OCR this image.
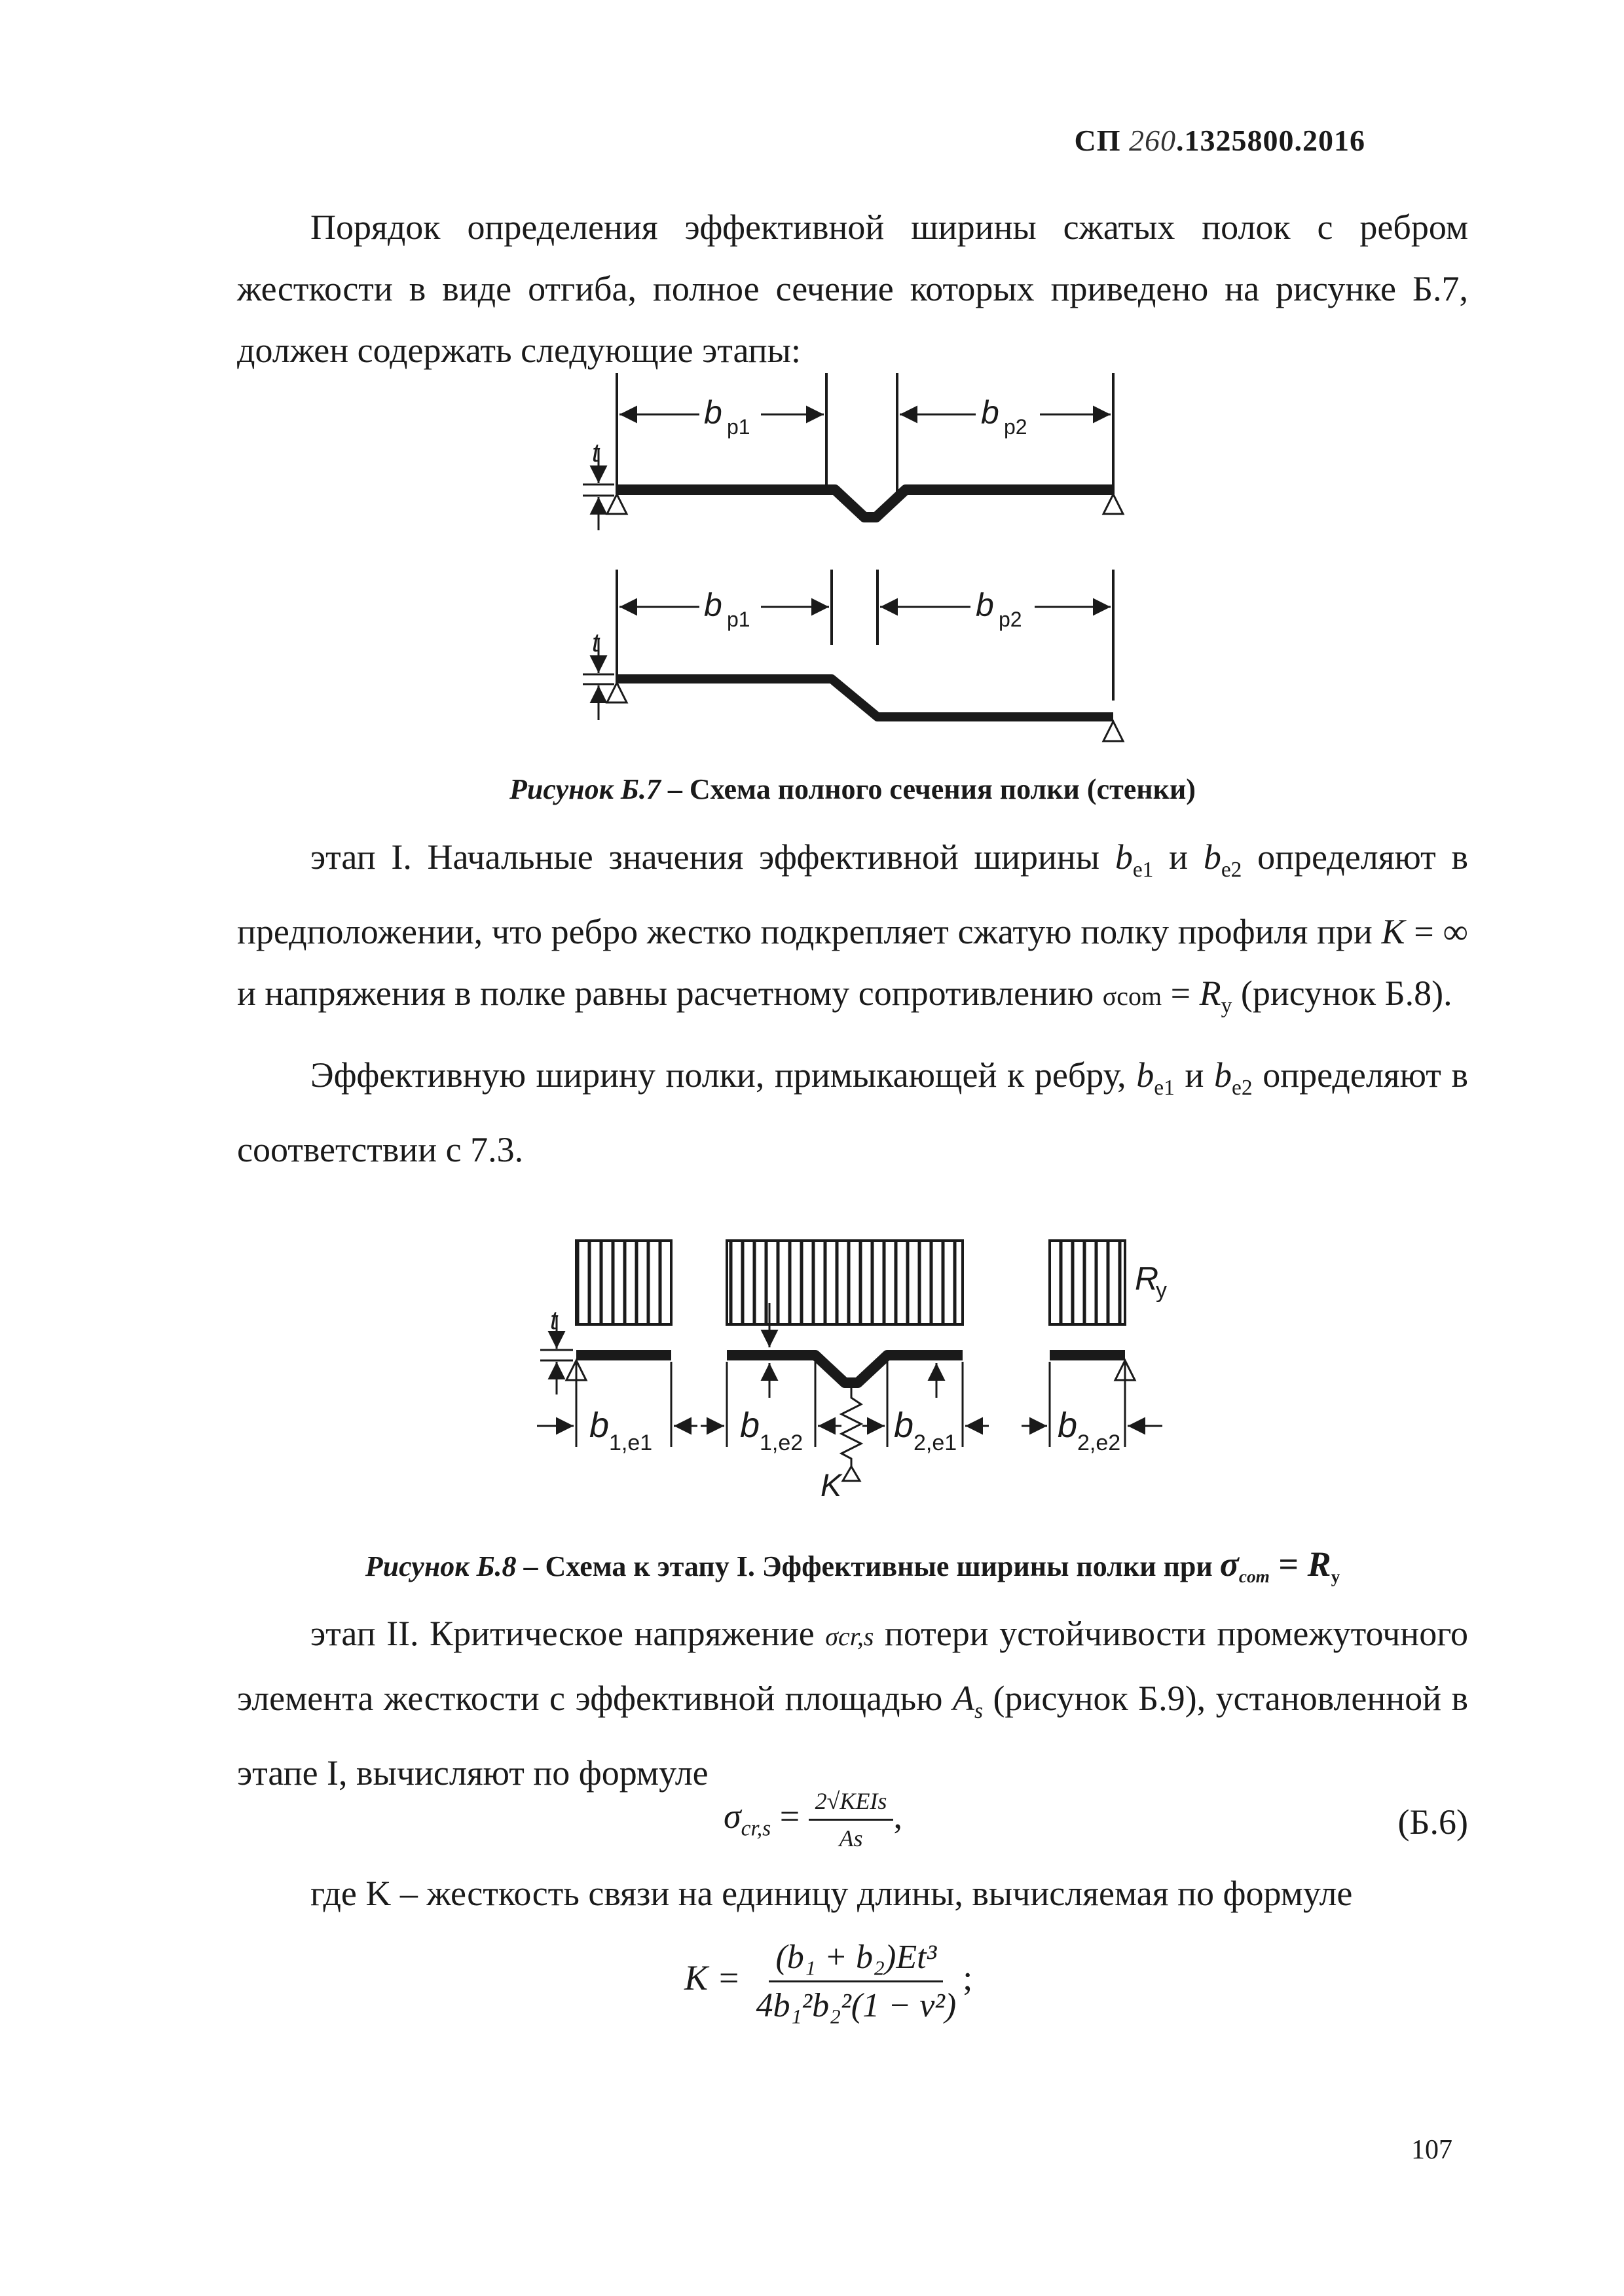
СП 260.1325800.2016
Порядок определения эффективной ширины сжатых полок с ребром жесткости в виде отгиба, полное сечение которых приведено на рисунке Б.7, должен содержать следующие этапы:
b p1	b p2
t
b p1	b p2
t
Рисунок Б.7 – Схема полного сечения полки (стенки)
этап I. Начальные значения эффективной ширины $b_{e1}$ и $b_{e2}$ определяют в предположении, что ребро жестко подкрепляет сжатую полку профиля при K = ∞ и напряжения в полке равны расчетному сопротивлению $\sigma com = R_y$ (рисунок Б.8).
Эффективную ширину полки, примыкающей к ребру, $b_{e1}$ и $b_{e2}$ определяют в соответствии с 7.3.
R
y
K
b 1,e1 b 1,e2	b 2,e1	b 2,e2
t
Рисунок Б.8 – Схема к этапу I. Эффективные ширины полки при $\sigma_{com} = R_y$
этап II. Критическое напряжение σcr,s потери устойчивости промежуточного элемента жесткости с эффективной площадью $A_s$ (рисунок Б.9), установленной в этапе I, вычисляют по формуле
$\sigma_{cr,s} = \frac{\text{2√KEIs}}{As}$ ,	(Б.6)
где K – жесткость связи на единицу длины, вычисляемая по формуле
$K = \frac{\text{(b₁ + b₂)Et³}}{\text{4b₁²b₂²(1 − ν²)}}$ ;
107
